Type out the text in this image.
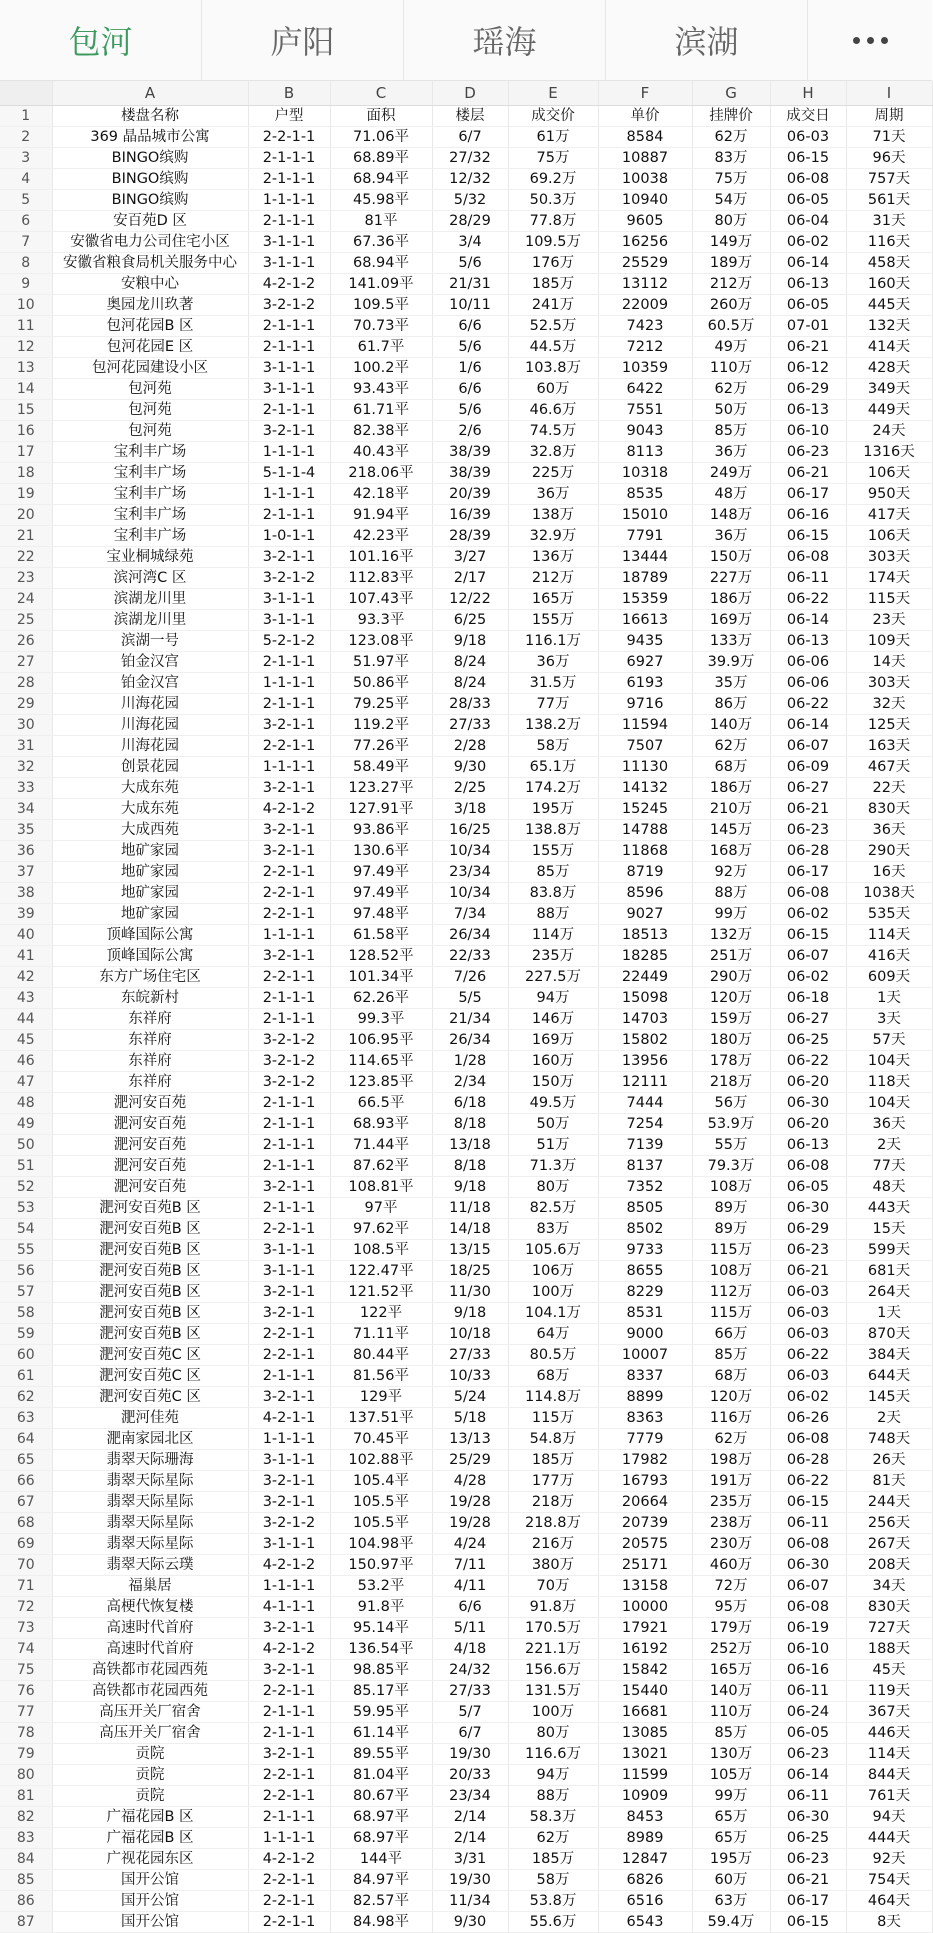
包河	庐阳	瑶海	滨湖
	A	B	C	D	E	F	G	H	I
1	楼盘名称	户型	面积	楼层	成交价	单价	挂牌价	成交日	周期
2	369 晶品城市公寓	2-2-1-1	71.06平	6/7	61万	8584	62万	06-03	71天
3	BINGO缤购	2-1-1-1	68.89平	27/32	75万	10887	83万	06-15	96天
4	BINGO缤购	2-1-1-1	68.94平	12/32	69.2万	10038	75万	06-08	757天
5	BINGO缤购	1-1-1-1	45.98平	5/32	50.3万	10940	54万	06-05	561天
6	安百苑D 区	2-1-1-1	81平	28/29	77.8万	9605	80万	06-04	31天
7	安徽省电力公司住宅小区	3-1-1-1	67.36平	3/4	109.5万	16256	149万	06-02	116天
8	安徽省粮食局机关服务中心	3-1-1-1	68.94平	5/6	176万	25529	189万	06-14	458天
9	安粮中心	4-2-1-2	141.09平	21/31	185万	13112	212万	06-13	160天
10	奥园龙川玖著	3-2-1-2	109.5平	10/11	241万	22009	260万	06-05	445天
11	包河花园B 区	2-1-1-1	70.73平	6/6	52.5万	7423	60.5万	07-01	132天
12	包河花园E 区	2-1-1-1	61.7平	5/6	44.5万	7212	49万	06-21	414天
13	包河花园建设小区	3-1-1-1	100.2平	1/6	103.8万	10359	110万	06-12	428天
14	包河苑	3-1-1-1	93.43平	6/6	60万	6422	62万	06-29	349天
15	包河苑	2-1-1-1	61.71平	5/6	46.6万	7551	50万	06-13	449天
16	包河苑	3-2-1-1	82.38平	2/6	74.5万	9043	85万	06-10	24天
17	宝利丰广场	1-1-1-1	40.43平	38/39	32.8万	8113	36万	06-23	1316天
18	宝利丰广场	5-1-1-4	218.06平	38/39	225万	10318	249万	06-21	106天
19	宝利丰广场	1-1-1-1	42.18平	20/39	36万	8535	48万	06-17	950天
20	宝利丰广场	2-1-1-1	91.94平	16/39	138万	15010	148万	06-16	417天
21	宝利丰广场	1-0-1-1	42.23平	28/39	32.9万	7791	36万	06-15	106天
22	宝业桐城绿苑	3-2-1-1	101.16平	3/27	136万	13444	150万	06-08	303天
23	滨河湾C 区	3-2-1-2	112.83平	2/17	212万	18789	227万	06-11	174天
24	滨湖龙川里	3-1-1-1	107.43平	12/22	165万	15359	186万	06-22	115天
25	滨湖龙川里	3-1-1-1	93.3平	6/25	155万	16613	169万	06-14	23天
26	滨湖一号	5-2-1-2	123.08平	9/18	116.1万	9435	133万	06-13	109天
27	铂金汉宫	2-1-1-1	51.97平	8/24	36万	6927	39.9万	06-06	14天
28	铂金汉宫	1-1-1-1	50.86平	8/24	31.5万	6193	35万	06-06	303天
29	川海花园	2-1-1-1	79.25平	28/33	77万	9716	86万	06-22	32天
30	川海花园	3-2-1-1	119.2平	27/33	138.2万	11594	140万	06-14	125天
31	川海花园	2-2-1-1	77.26平	2/28	58万	7507	62万	06-07	163天
32	创景花园	1-1-1-1	58.49平	9/30	65.1万	11130	68万	06-09	467天
33	大成东苑	3-2-1-1	123.27平	2/25	174.2万	14132	186万	06-27	22天
34	大成东苑	4-2-1-2	127.91平	3/18	195万	15245	210万	06-21	830天
35	大成西苑	3-2-1-1	93.86平	16/25	138.8万	14788	145万	06-23	36天
36	地矿家园	3-2-1-1	130.6平	10/34	155万	11868	168万	06-28	290天
37	地矿家园	2-2-1-1	97.49平	23/34	85万	8719	92万	06-17	16天
38	地矿家园	2-2-1-1	97.49平	10/34	83.8万	8596	88万	06-08	1038天
39	地矿家园	2-2-1-1	97.48平	7/34	88万	9027	99万	06-02	535天
40	顶峰国际公寓	1-1-1-1	61.58平	26/34	114万	18513	132万	06-15	114天
41	顶峰国际公寓	3-2-1-1	128.52平	22/33	235万	18285	251万	06-07	416天
42	东方广场住宅区	2-2-1-1	101.34平	7/26	227.5万	22449	290万	06-02	609天
43	东皖新村	2-1-1-1	62.26平	5/5	94万	15098	120万	06-18	1天
44	东祥府	2-1-1-1	99.3平	21/34	146万	14703	159万	06-27	3天
45	东祥府	3-2-1-2	106.95平	26/34	169万	15802	180万	06-25	57天
46	东祥府	3-2-1-2	114.65平	1/28	160万	13956	178万	06-22	104天
47	东祥府	3-2-1-2	123.85平	2/34	150万	12111	218万	06-20	118天
48	淝河安百苑	2-1-1-1	66.5平	6/18	49.5万	7444	56万	06-30	104天
49	淝河安百苑	2-1-1-1	68.93平	8/18	50万	7254	53.9万	06-20	36天
50	淝河安百苑	2-1-1-1	71.44平	13/18	51万	7139	55万	06-13	2天
51	淝河安百苑	2-1-1-1	87.62平	8/18	71.3万	8137	79.3万	06-08	77天
52	淝河安百苑	3-2-1-1	108.81平	9/18	80万	7352	108万	06-05	48天
53	淝河安百苑B 区	2-1-1-1	97平	11/18	82.5万	8505	89万	06-30	443天
54	淝河安百苑B 区	2-2-1-1	97.62平	14/18	83万	8502	89万	06-29	15天
55	淝河安百苑B 区	3-1-1-1	108.5平	13/15	105.6万	9733	115万	06-23	599天
56	淝河安百苑B 区	3-1-1-1	122.47平	18/25	106万	8655	108万	06-21	681天
57	淝河安百苑B 区	3-2-1-1	121.52平	11/30	100万	8229	112万	06-03	264天
58	淝河安百苑B 区	3-2-1-1	122平	9/18	104.1万	8531	115万	06-03	1天
59	淝河安百苑B 区	2-2-1-1	71.11平	10/18	64万	9000	66万	06-03	870天
60	淝河安百苑C 区	2-2-1-1	80.44平	27/33	80.5万	10007	85万	06-22	384天
61	淝河安百苑C 区	2-1-1-1	81.56平	10/33	68万	8337	68万	06-03	644天
62	淝河安百苑C 区	3-2-1-1	129平	5/24	114.8万	8899	120万	06-02	145天
63	淝河佳苑	4-2-1-1	137.51平	5/18	115万	8363	116万	06-26	2天
64	淝南家园北区	1-1-1-1	70.45平	13/13	54.8万	7779	62万	06-08	748天
65	翡翠天际珊海	3-1-1-1	102.88平	25/29	185万	17982	198万	06-28	26天
66	翡翠天际星际	3-2-1-1	105.4平	4/28	177万	16793	191万	06-22	81天
67	翡翠天际星际	3-2-1-1	105.5平	19/28	218万	20664	235万	06-15	244天
68	翡翠天际星际	3-2-1-2	105.5平	19/28	218.8万	20739	238万	06-11	256天
69	翡翠天际星际	3-1-1-1	104.98平	4/24	216万	20575	230万	06-08	267天
70	翡翠天际云璞	4-2-1-2	150.97平	7/11	380万	25171	460万	06-30	208天
71	福巢居	1-1-1-1	53.2平	4/11	70万	13158	72万	06-07	34天
72	高梗代恢复楼	4-1-1-1	91.8平	6/6	91.8万	10000	95万	06-08	830天
73	高速时代首府	3-2-1-1	95.14平	5/11	170.5万	17921	179万	06-19	727天
74	高速时代首府	4-2-1-2	136.54平	4/18	221.1万	16192	252万	06-10	188天
75	高铁都市花园西苑	3-2-1-1	98.85平	24/32	156.6万	15842	165万	06-16	45天
76	高铁都市花园西苑	2-2-1-1	85.17平	27/33	131.5万	15440	140万	06-11	119天
77	高压开关厂宿舍	2-1-1-1	59.95平	5/7	100万	16681	110万	06-24	367天
78	高压开关厂宿舍	2-1-1-1	61.14平	6/7	80万	13085	85万	06-05	446天
79	贡院	3-2-1-1	89.55平	19/30	116.6万	13021	130万	06-23	114天
80	贡院	2-2-1-1	81.04平	20/33	94万	11599	105万	06-14	844天
81	贡院	2-2-1-1	80.67平	23/34	88万	10909	99万	06-11	761天
82	广福花园B 区	2-1-1-1	68.97平	2/14	58.3万	8453	65万	06-30	94天
83	广福花园B 区	1-1-1-1	68.97平	2/14	62万	8989	65万	06-25	444天
84	广视花园东区	4-2-1-2	144平	3/31	185万	12847	195万	06-23	92天
85	国开公馆	2-2-1-1	84.97平	19/30	58万	6826	60万	06-21	754天
86	国开公馆	2-2-1-1	82.57平	11/34	53.8万	6516	63万	06-17	464天
87	国开公馆	2-2-1-1	84.98平	9/30	55.6万	6543	59.4万	06-15	8天
